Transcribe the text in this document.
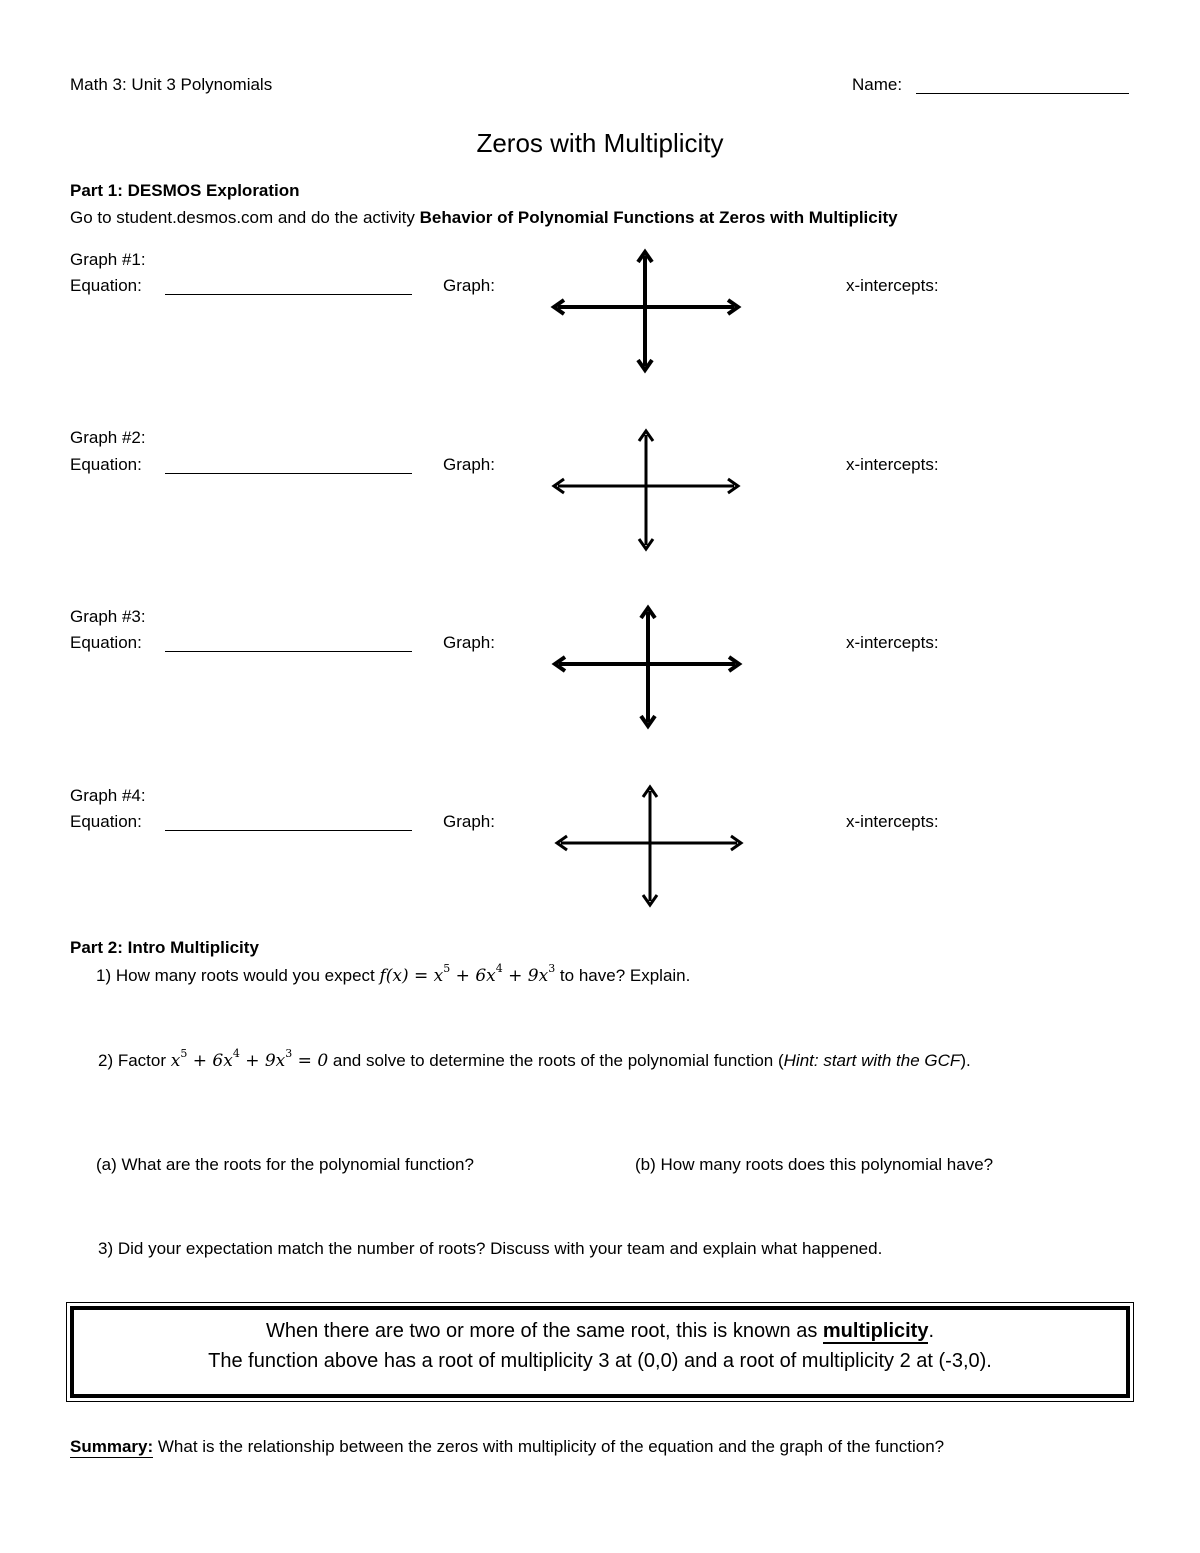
Math 3: Unit 3 Polynomials	Name:
Zeros with Multiplicity
Part 1: DESMOS Exploration
Go to student.desmos.com and do the activity Behavior of Polynomial Functions at Zeros with Multiplicity
Graph #1:
Equation:	Graph:	x-intercepts:
Graph #2:
Equation:	Graph:	x-intercepts:
Graph #3:
Equation:	Graph:	x-intercepts:
Graph #4:
Equation:	Graph:	x-intercepts:
Part 2: Intro Multiplicity
1) How many roots would you expect $f(x) = x^5 + 6x^4 + 9x^3$ to have? Explain.
2) Factor $x^5 + 6x^4 + 9x^3 = 0$ and solve to determine the roots of the polynomial function (Hint: start with the GCF).
(a) What are the roots for the polynomial function?	(b) How many roots does this polynomial have?
3) Did your expectation match the number of roots? Discuss with your team and explain what happened.
When there are two or more of the same root, this is known as multiplicity.
The function above has a root of multiplicity 3 at (0,0) and a root of multiplicity 2 at (-3,0).
Summary: What is the relationship between the zeros with multiplicity of the equation and the graph of the function?
